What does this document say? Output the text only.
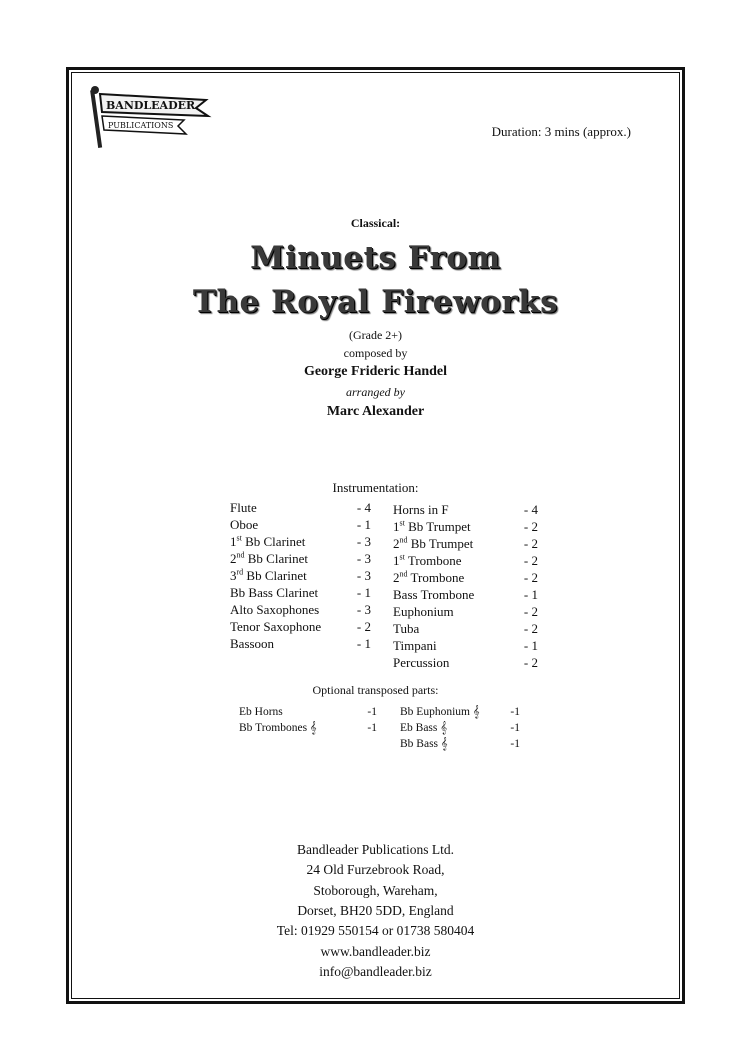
BANDLEADER
PUBLICATIONS	Duration: 3 mins (approx.)
Classical:
Minuets From
The Royal Fireworks
(Grade 2+)
composed by
George Frideric Handel
arranged by
Marc Alexander
Instrumentation:
Flute	- 4
Oboe	- 1
1st Bb Clarinet	- 3
2nd Bb Clarinet	- 3
3rd Bb Clarinet	- 3
Bb Bass Clarinet	- 1
Alto Saxophones	- 3
Tenor Saxophone	- 2
Bassoon	- 1
Horns in F	- 4
1st Bb Trumpet	- 2
2nd Bb Trumpet	- 2
1st Trombone	- 2
2nd Trombone	- 2
Bass Trombone	- 1
Euphonium	- 2
Tuba	- 2
Timpani	- 1
Percussion	- 2
Optional transposed parts:
Eb Horns	-1
Bb Trombones 𝄞	-1
Bb Euphonium 𝄞	-1
Eb Bass 𝄞	-1
Bb Bass 𝄞	-1
Bandleader Publications Ltd.
24 Old Furzebrook Road,
Stoborough, Wareham,
Dorset, BH20 5DD, England
Tel: 01929 550154 or 01738 580404
www.bandleader.biz
info@bandleader.biz
